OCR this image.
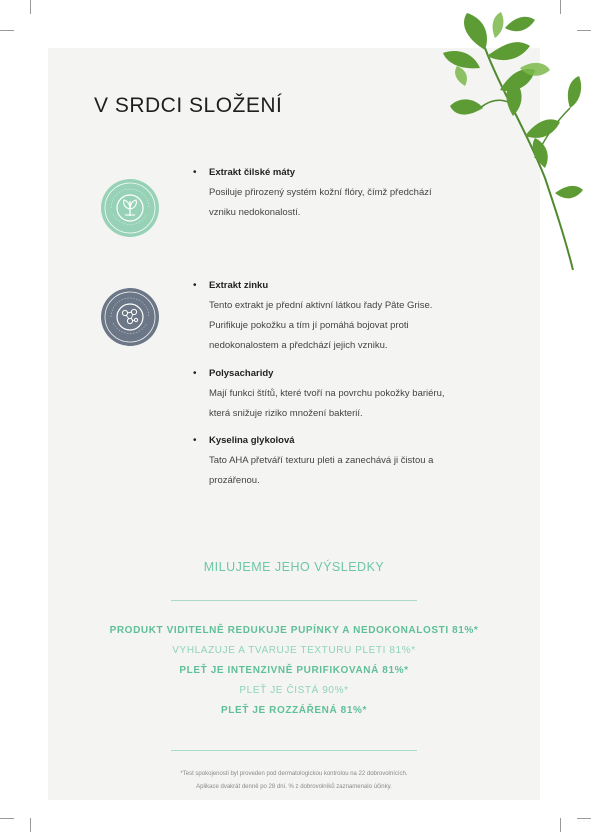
V SRDCI SLOŽENÍ
•	Extrakt čilské máty
Posiluje přirozený systém kožní flóry, čímž předchází
vzniku nedokonalostí.
•	Extrakt zinku
Tento extrakt je přední aktivní látkou řady Pâte Grise.
Purifikuje pokožku a tím jí pomáhá bojovat proti
nedokonalostem a předchází jejich vzniku.
•	Polysacharidy
Mají funkci štítů, které tvoří na povrchu pokožky bariéru,
která snižuje riziko množení bakterií.
•	Kyselina glykolová
Tato AHA přetváří texturu pleti a zanechává ji čistou a
prozářenou.
MILUJEME JEHO VÝSLEDKY
PRODUKT VIDITELNĚ REDUKUJE PUPÍNKY A NEDOKONALOSTI 81%*
VYHLAZUJE A TVARUJE TEXTURU PLETI 81%*
PLEŤ JE INTENZIVNĚ PURIFIKOVANÁ 81%*
PLEŤ JE ČISTÁ 90%*
PLEŤ JE ROZZÁŘENÁ 81%*
*Test spokojenosti byl proveden pod dermatologickou kontrolou na 22 dobrovolnících.
Aplikace dvakrát denně po 28 dní. % z dobrovolníků zaznamenalo účinky.
